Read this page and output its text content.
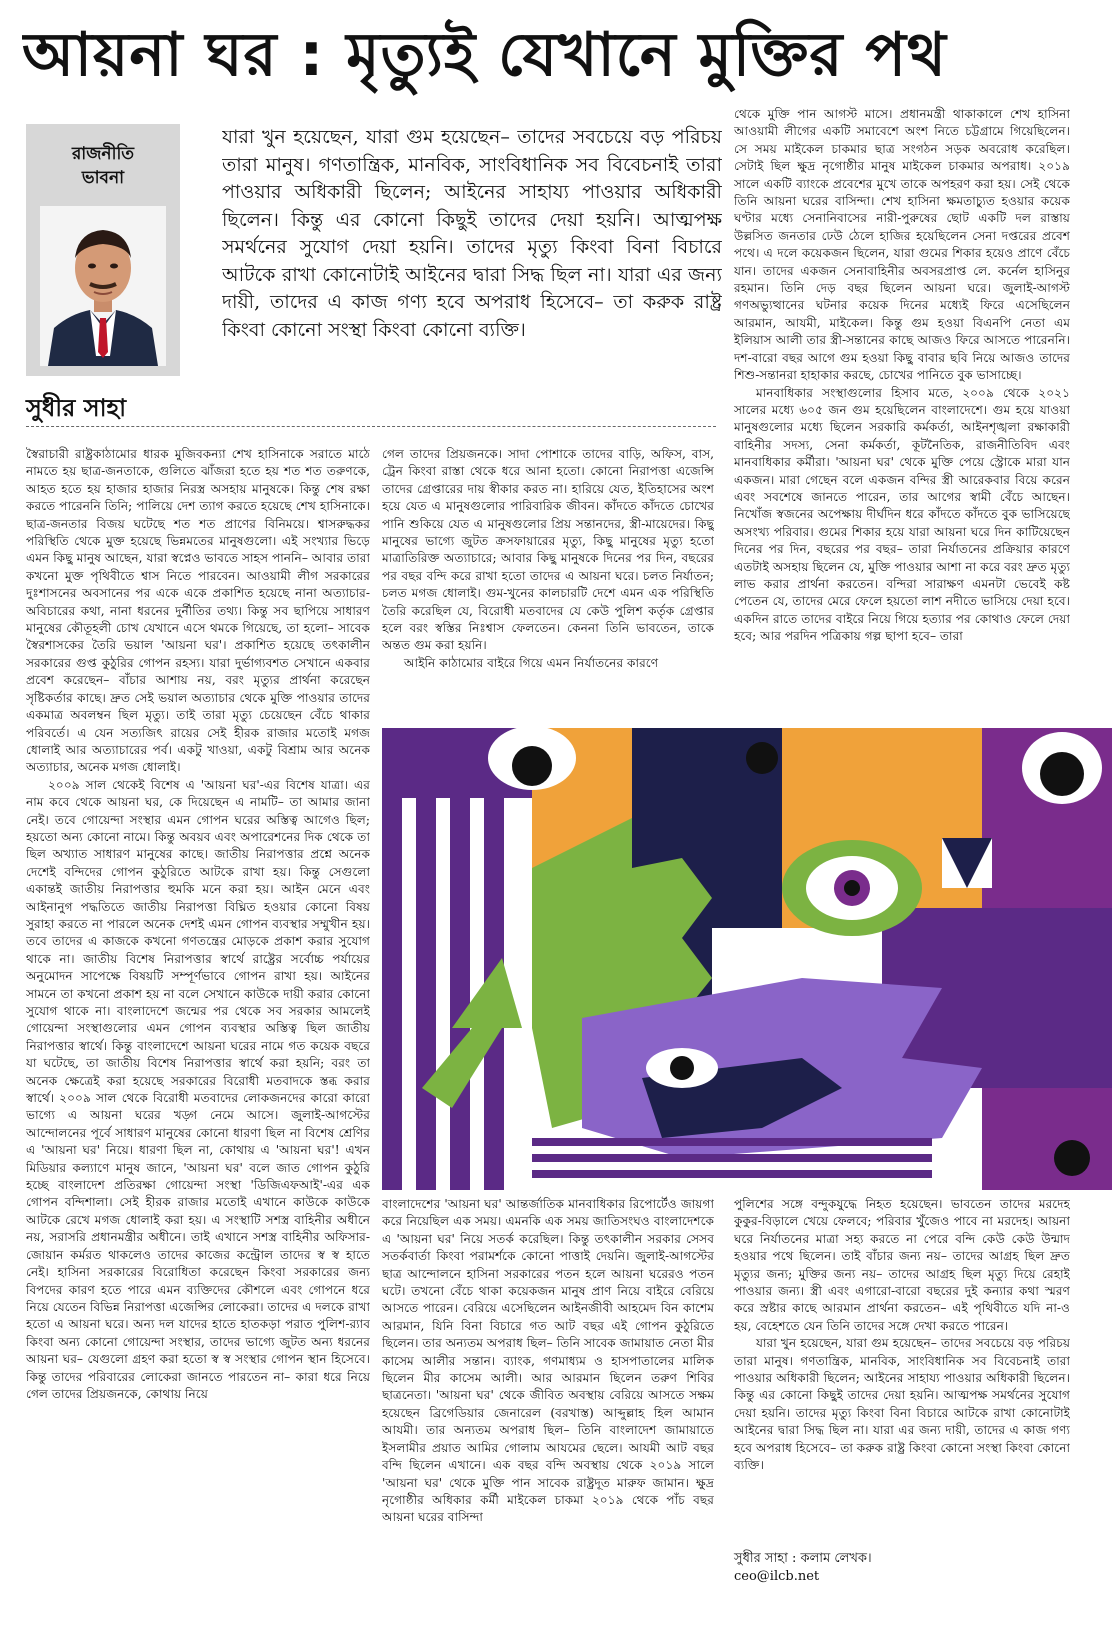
আয়না ঘর : মৃত্যুই যেখানে মুক্তির পথ
রাজনীতি ভাবনা

যারা খুন হয়েছেন, যারা গুম হয়েছেন– তাদের সবচেয়ে বড় পরিচয় তারা মানুষ। গণতান্ত্রিক, মানবিক, সাংবিধানিক সব বিবেচনাই তারা পাওয়ার অধিকারী ছিলেন; আইনের সাহায্য পাওয়ার অধিকারী ছিলেন। কিন্তু এর কোনো কিছুই তাদের দেয়া হয়নি। আত্মপক্ষ সমর্থনের সুযোগ দেয়া হয়নি। তাদের মৃত্যু কিংবা বিনা বিচারে আটকে রাখা কোনোটাই আইনের দ্বারা সিদ্ধ ছিল না। যারা এর জন্য দায়ী, তাদের এ কাজ গণ্য হবে অপরাধ হিসেবে– তা করুক রাষ্ট্র কিংবা কোনো সংস্থা কিংবা কোনো ব্যক্তি।

সুধীর সাহা

স্বৈরাচারী রাষ্ট্রকাঠামোর ধারক মুজিবকন্যা শেখ হাসিনাকে সরাতে মাঠে নামতে হয় ছাত্র-জনতাকে, গুলিতে ঝাঁজরা হতে হয় শত শত তরুণকে, আহত হতে হয় হাজার হাজার নিরস্ত্র অসহায় মানুষকে। কিন্তু শেষ রক্ষা করতে পারেননি তিনি; পালিয়ে দেশ ত্যাগ করতে হয়েছে শেখ হাসিনাকে। ছাত্র-জনতার বিজয় ঘটেছে শত শত প্রাণের বিনিময়ে। শ্বাসরুদ্ধকর পরিস্থিতি থেকে মুক্ত হয়েছে ভিন্নমতের মানুষগুলো। এই সংখ্যার ভিড়ে এমন কিছু মানুষ আছেন, যারা স্বপ্নেও ভাবতে সাহস পাননি– আবার তারা কখনো মুক্ত পৃথিবীতে শ্বাস নিতে পারবেন। আওয়ামী লীগ সরকারের দুঃশাসনের অবসানের পর একে একে প্রকাশিত হয়েছে নানা অত্যাচার-অবিচারের কথা, নানা ধরনের দুর্নীতির তথ্য। কিন্তু সব ছাপিয়ে সাধারণ মানুষের কৌতূহলী চোখ যেখানে এসে থমকে গিয়েছে, তা হলো– সাবেক স্বৈরশাসকের তৈরি ভয়াল 'আয়না ঘর'। প্রকাশিত হয়েছে তৎকালীন সরকারের গুপ্ত কুঠুরির গোপন রহস্য। যারা দুর্ভাগ্যবশত সেখানে একবার প্রবেশ করেছেন– বাঁচার আশায় নয়, বরং মৃত্যুর প্রার্থনা করেছেন সৃষ্টিকর্তার কাছে। দ্রুত সেই ভয়াল অত্যাচার থেকে মুক্তি পাওয়ার তাদের একমাত্র অবলম্বন ছিল মৃত্যু। তাই তারা মৃত্যু চেয়েছেন বেঁচে থাকার পরিবর্তে। এ যেন সত্যজিৎ রায়ের সেই হীরক রাজার মতোই মগজ ধোলাই আর অত্যাচারের পর্ব। একটু খাওয়া, একটু বিশ্রাম আর অনেক অত্যাচার, অনেক মগজ ধোলাই।

২০০৯ সাল থেকেই বিশেষ এ 'আয়না ঘর'-এর বিশেষ যাত্রা। এর নাম কবে থেকে আয়না ঘর, কে দিয়েছেন এ নামটি– তা আমার জানা নেই। তবে গোয়েন্দা সংস্থার এমন গোপন ঘরের অস্তিত্ব আগেও ছিল; হয়তো অন্য কোনো নামে। কিন্তু অবয়ব এবং অপারেশনের দিক থেকে তা ছিল অখ্যাত সাধারণ মানুষের কাছে। জাতীয় নিরাপত্তার প্রশ্নে অনেক দেশেই বন্দিদের গোপন কুঠুরিতে আটকে রাখা হয়। কিন্তু সেগুলো একান্তই জাতীয় নিরাপত্তার হুমকি মনে করা হয়। আইন মেনে এবং আইনানুগ পদ্ধতিতে জাতীয় নিরাপত্তা বিঘ্নিত হওয়ার কোনো বিষয় সুরাহা করতে না পারলে অনেক দেশই এমন গোপন ব্যবস্থার সম্মুখীন হয়। তবে তাদের এ কাজকে কখনো গণতন্ত্রের মোড়কে প্রকাশ করার সুযোগ থাকে না। জাতীয় বিশেষ নিরাপত্তার স্বার্থে রাষ্ট্রের সর্বোচ্চ পর্যায়ের অনুমোদন সাপেক্ষে বিষয়টি সম্পূর্ণভাবে গোপন রাখা হয়। আইনের সামনে তা কখনো প্রকাশ হয় না বলে সেখানে কাউকে দায়ী করার কোনো সুযোগ থাকে না। বাংলাদেশে জন্মের পর থেকে সব সরকার আমলেই গোয়েন্দা সংস্থাগুলোর এমন গোপন ব্যবস্থার অস্তিত্ব ছিল জাতীয় নিরাপত্তার স্বার্থে। কিন্তু বাংলাদেশে আয়না ঘরের নামে গত কয়েক বছরে যা ঘটেছে, তা জাতীয় বিশেষ নিরাপত্তার স্বার্থে করা হয়নি; বরং তা অনেক ক্ষেত্রেই করা হয়েছে সরকারের বিরোধী মতবাদকে স্তব্ধ করার স্বার্থে। ২০০৯ সাল থেকে বিরোধী মতবাদের লোকজনদের কারো কারো ভাগ্যে এ আয়না ঘরের খড়্গ নেমে আসে। জুলাই-আগস্টের আন্দোলনের পূর্বে সাধারণ মানুষের কোনো ধারণা ছিল না বিশেষ শ্রেণির এ 'আয়না ঘর' নিয়ে। ধারণা ছিল না, কোথায় এ 'আয়না ঘর'! এখন মিডিয়ার কল্যাণে মানুষ জানে, 'আয়না ঘর' বলে জাত গোপন কুঠুরি হচ্ছে বাংলাদেশ প্রতিরক্ষা গোয়েন্দা সংস্থা 'ডিজিএফআই'-এর এক গোপন বন্দিশালা। সেই হীরক রাজার মতোই এখানে কাউকে কাউকে আটকে রেখে মগজ ধোলাই করা হয়। এ সংস্থাটি সশস্ত্র বাহিনীর অধীনে নয়, সরাসরি প্রধানমন্ত্রীর অধীনে। তাই এখানে সশস্ত্র বাহিনীর অফিসার-জোয়ান কর্মরত থাকলেও তাদের কাজের কন্ট্রোল তাদের স্ব স্ব হাতে নেই। হাসিনা সরকারের বিরোধিতা করেছেন কিংবা সরকারের জন্য বিপদের কারণ হতে পারে এমন ব্যক্তিদের কৌশলে এবং গোপনে ধরে নিয়ে যেতেন বিভিন্ন নিরাপত্তা এজেন্সির লোকেরা। তাদের এ দলকে রাখা হতো এ আয়না ঘরে। অন্য দল যাদের হাতে হাতকড়া পরাত পুলিশ-র‍্যাব কিংবা অন্য কোনো গোয়েন্দা সংস্থার, তাদের ভাগ্যে জুটত অন্য ধরনের আয়না ঘর– যেগুলো গ্রহণ করা হতো স্ব স্ব সংস্থার গোপন স্থান হিসেবে। কিন্তু তাদের পরিবারের লোকেরা জানতে পারতেন না– কারা ধরে নিয়ে গেল তাদের প্রিয়জনকে, কোথায় নিয়ে

গেল তাদের প্রিয়জনকে। সাদা পোশাকে তাদের বাড়ি, অফিস, বাস, ট্রেন কিংবা রাস্তা থেকে ধরে আনা হতো। কোনো নিরাপত্তা এজেন্সি তাদের গ্রেপ্তারের দায় স্বীকার করত না। হারিয়ে যেত, ইতিহাসের অংশ হয়ে যেত এ মানুষগুলোর পারিবারিক জীবন। কাঁদতে কাঁদতে চোখের পানি শুকিয়ে যেত এ মানুষগুলোর প্রিয় সন্তানদের, স্ত্রী-মায়েদের। কিছু মানুষের ভাগ্যে জুটত ক্রসফায়ারের মৃত্যু, কিছু মানুষের মৃত্যু হতো মাত্রাতিরিক্ত অত্যাচারে; আবার কিছু মানুষকে দিনের পর দিন, বছরের পর বছর বন্দি করে রাখা হতো তাদের এ আয়না ঘরে। চলত নির্যাতন; চলত মগজ ধোলাই। গুম-খুনের কালচারটি দেশে এমন এক পরিস্থিতি তৈরি করেছিল যে, বিরোধী মতবাদের যে কেউ পুলিশ কর্তৃক গ্রেপ্তার হলে বরং স্বস্তির নিঃশ্বাস ফেলতেন। কেননা তিনি ভাবতেন, তাকে অন্তত গুম করা হয়নি।

আইনি কাঠামোর বাইরে গিয়ে এমন নির্যাতনের কারণে

থেকে মুক্তি পান আগস্ট মাসে। প্রধানমন্ত্রী থাকাকালে শেখ হাসিনা আওয়ামী লীগের একটি সমাবেশে অংশ নিতে চট্টগ্রামে গিয়েছিলেন। সে সময় মাইকেল চাকমার ছাত্র সংগঠন সড়ক অবরোধ করেছিল। সেটাই ছিল ক্ষুদ্র নৃগোষ্ঠীর মানুষ মাইকেল চাকমার অপরাধ। ২০১৯ সালে একটি ব্যাংকে প্রবেশের মুখে তাকে অপহরণ করা হয়। সেই থেকে তিনি আয়না ঘরের বাসিন্দা। শেখ হাসিনা ক্ষমতাচ্যুত হওয়ার কয়েক ঘণ্টার মধ্যে সেনানিবাসের নারী-পুরুষের ছোট একটি দল রাস্তায় উল্লসিত জনতার ঢেউ ঠেলে হাজির হয়েছিলেন সেনা দপ্তরের প্রবেশ পথে। এ দলে কয়েকজন ছিলেন, যারা গুমের শিকার হয়েও প্রাণে বেঁচে যান। তাদের একজন সেনাবাহিনীর অবসরপ্রাপ্ত লে. কর্নেল হাসিনুর রহমান। তিনি দেড় বছর ছিলেন আয়না ঘরে। জুলাই-আগস্ট গণঅভ্যুত্থানের ঘটনার কয়েক দিনের মধ্যেই ফিরে এসেছিলেন আরমান, আযমী, মাইকেল। কিন্তু গুম হওয়া বিএনপি নেতা এম ইলিয়াস আলী তার স্ত্রী-সন্তানের কাছে আজও ফিরে আসতে পারেননি। দশ-বারো বছর আগে গুম হওয়া কিছু বাবার ছবি নিয়ে আজও তাদের শিশু-সন্তানরা হাহাকার করছে, চোখের পানিতে বুক ভাসাচ্ছে।

মানবাধিকার সংস্থাগুলোর হিসাব মতে, ২০০৯ থেকে ২০২১ সালের মধ্যে ৬০৫ জন গুম হয়েছিলেন বাংলাদেশে। গুম হয়ে যাওয়া মানুষগুলোর মধ্যে ছিলেন সরকারি কর্মকর্তা, আইনশৃঙ্খলা রক্ষাকারী বাহিনীর সদস্য, সেনা কর্মকর্তা, কূটনৈতিক, রাজনীতিবিদ এবং মানবাধিকার কর্মীরা। 'আয়না ঘর' থেকে মুক্তি পেয়ে স্ট্রোকে মারা যান একজন। মারা গেছেন বলে একজন বন্দির স্ত্রী আরেকবার বিয়ে করেন এবং সবশেষে জানতে পারেন, তার আগের স্বামী বেঁচে আছেন। নিখোঁজ স্বজনের অপেক্ষায় দীর্ঘদিন ধরে কাঁদতে কাঁদতে বুক ভাসিয়েছে অসংখ্য পরিবার। গুমের শিকার হয়ে যারা আয়না ঘরে দিন কাটিয়েছেন দিনের পর দিন, বছরের পর বছর– তারা নির্যাতনের প্রক্রিয়ার কারণে এতটাই অসহায় ছিলেন যে, মুক্তি পাওয়ার আশা না করে বরং দ্রুত মৃত্যু লাভ করার প্রার্থনা করতেন। বন্দিরা সারাক্ষণ এমনটা ভেবেই কষ্ট পেতেন যে, তাদের মেরে ফেলে হয়তো লাশ নদীতে ভাসিয়ে দেয়া হবে। একদিন রাতে তাদের বাইরে নিয়ে গিয়ে হত্যার পর কোথাও ফেলে দেয়া হবে; আর পরদিন পত্রিকায় গল্প ছাপা হবে– তারা

বাংলাদেশের 'আয়না ঘর' আন্তর্জাতিক মানবাধিকার রিপোর্টেও জায়গা করে নিয়েছিল এক সময়। এমনকি এক সময় জাতিসংঘও বাংলাদেশকে এ 'আয়না ঘর' নিয়ে সতর্ক করেছিল। কিন্তু তৎকালীন সরকার সেসব সতর্কবার্তা কিংবা পরামর্শকে কোনো পাত্তাই দেয়নি। জুলাই-আগস্টের ছাত্র আন্দোলনে হাসিনা সরকারের পতন হলে আয়না ঘরেরও পতন ঘটে। তখনো বেঁচে থাকা কয়েকজন মানুষ প্রাণ নিয়ে বাইরে বেরিয়ে আসতে পারেন। বেরিয়ে এসেছিলেন আইনজীবী আহমেদ বিন কাশেম আরমান, যিনি বিনা বিচারে গত আট বছর এই গোপন কুঠুরিতে ছিলেন। তার অন্যতম অপরাধ ছিল– তিনি সাবেক জামায়াত নেতা মীর কাসেম আলীর সন্তান। ব্যাংক, গণমাধ্যম ও হাসপাতালের মালিক ছিলেন মীর কাসেম আলী। আর আরমান ছিলেন তরুণ শিবির ছাত্রনেতা। 'আয়না ঘর' থেকে জীবিত অবস্থায় বেরিয়ে আসতে সক্ষম হয়েছেন ব্রিগেডিয়ার জেনারেল (বরখাস্ত) আব্দুল্লাহ হিল আমান আযমী। তার অন্যতম অপরাধ ছিল– তিনি বাংলাদেশ জামায়াতে ইসলামীর প্রয়াত আমির গোলাম আযমের ছেলে। আযমী আট বছর বন্দি ছিলেন এখানে। এক বছর বন্দি অবস্থায় থেকে ২০১৯ সালে 'আয়না ঘর' থেকে মুক্তি পান সাবেক রাষ্ট্রদূত মারুফ জামান। ক্ষুদ্র নৃগোষ্ঠীর অধিকার কর্মী মাইকেল চাকমা ২০১৯ থেকে পাঁচ বছর আয়না ঘরের বাসিন্দা

পুলিশের সঙ্গে বন্দুকযুদ্ধে নিহত হয়েছেন। ভাবতেন তাদের মরদেহ কুকুর-বিড়ালে খেয়ে ফেলবে; পরিবার খুঁজেও পাবে না মরদেহ। আয়না ঘরে নির্যাতনের মাত্রা সহ্য করতে না পেরে বন্দি কেউ কেউ উন্মাদ হওয়ার পথে ছিলেন। তাই বাঁচার জন্য নয়– তাদের আগ্রহ ছিল দ্রুত মৃত্যুর জন্য; মুক্তির জন্য নয়– তাদের আগ্রহ ছিল মৃত্যু দিয়ে রেহাই পাওয়ার জন্য। স্ত্রী এবং এগারো-বারো বছরের দুই কন্যার কথা স্মরণ করে স্রষ্টার কাছে আরমান প্রার্থনা করতেন– এই পৃথিবীতে যদি না-ও হয়, বেহেশতে যেন তিনি তাদের সঙ্গে দেখা করতে পারেন।

যারা খুন হয়েছেন, যারা গুম হয়েছেন– তাদের সবচেয়ে বড় পরিচয় তারা মানুষ। গণতান্ত্রিক, মানবিক, সাংবিধানিক সব বিবেচনাই তারা পাওয়ার অধিকারী ছিলেন; আইনের সাহায্য পাওয়ার অধিকারী ছিলেন। কিন্তু এর কোনো কিছুই তাদের দেয়া হয়নি। আত্মপক্ষ সমর্থনের সুযোগ দেয়া হয়নি। তাদের মৃত্যু কিংবা বিনা বিচারে আটকে রাখা কোনোটাই আইনের দ্বারা সিদ্ধ ছিল না। যারা এর জন্য দায়ী, তাদের এ কাজ গণ্য হবে অপরাধ হিসেবে– তা করুক রাষ্ট্র কিংবা কোনো সংস্থা কিংবা কোনো ব্যক্তি।

সুধীর সাহা : কলাম লেখক।
ceo@ilcb.net
